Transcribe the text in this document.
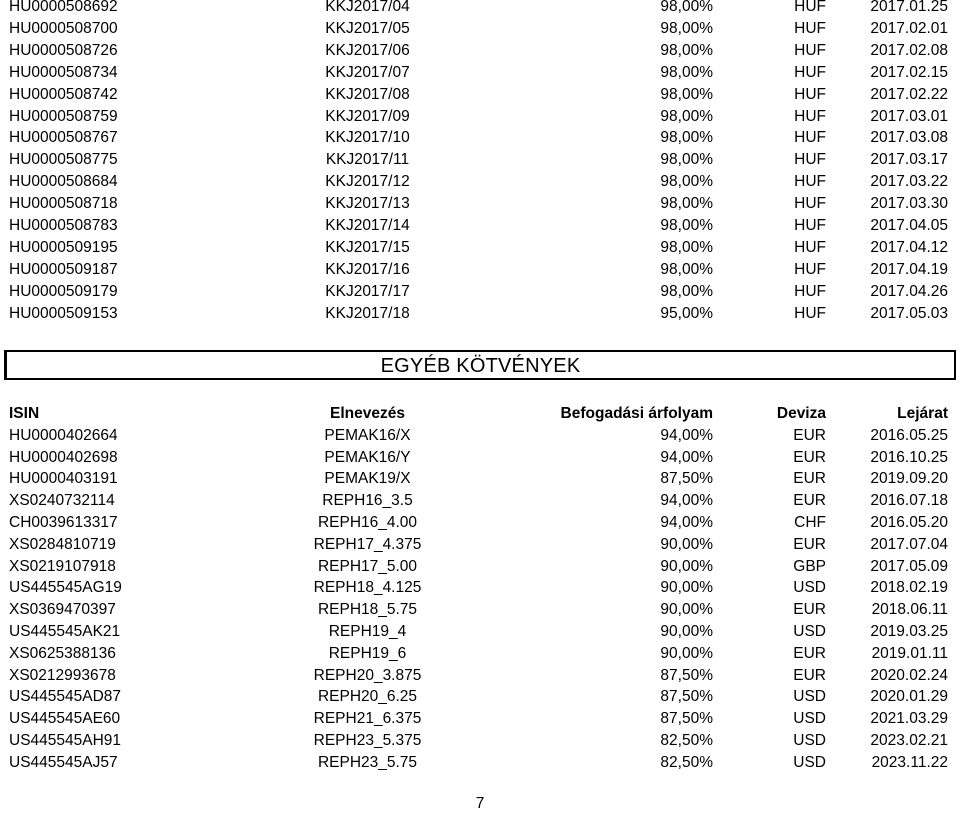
HU0000508692	KKJ2017/04	98,00%	HUF	2017.01.25
HU0000508700	KKJ2017/05	98,00%	HUF	2017.02.01
HU0000508726	KKJ2017/06	98,00%	HUF	2017.02.08
HU0000508734	KKJ2017/07	98,00%	HUF	2017.02.15
HU0000508742	KKJ2017/08	98,00%	HUF	2017.02.22
HU0000508759	KKJ2017/09	98,00%	HUF	2017.03.01
HU0000508767	KKJ2017/10	98,00%	HUF	2017.03.08
HU0000508775	KKJ2017/11	98,00%	HUF	2017.03.17
HU0000508684	KKJ2017/12	98,00%	HUF	2017.03.22
HU0000508718	KKJ2017/13	98,00%	HUF	2017.03.30
HU0000508783	KKJ2017/14	98,00%	HUF	2017.04.05
HU0000509195	KKJ2017/15	98,00%	HUF	2017.04.12
HU0000509187	KKJ2017/16	98,00%	HUF	2017.04.19
HU0000509179	KKJ2017/17	98,00%	HUF	2017.04.26
HU0000509153	KKJ2017/18	95,00%	HUF	2017.05.03
EGYÉB KÖTVÉNYEK
ISIN	Elnevezés	Befogadási árfolyam	Deviza	Lejárat
HU0000402664	PEMAK16/X	94,00%	EUR	2016.05.25
HU0000402698	PEMAK16/Y	94,00%	EUR	2016.10.25
HU0000403191	PEMAK19/X	87,50%	EUR	2019.09.20
XS0240732114	REPH16_3.5	94,00%	EUR	2016.07.18
CH0039613317	REPH16_4.00	94,00%	CHF	2016.05.20
XS0284810719	REPH17_4.375	90,00%	EUR	2017.07.04
XS0219107918	REPH17_5.00	90,00%	GBP	2017.05.09
US445545AG19	REPH18_4.125	90,00%	USD	2018.02.19
XS0369470397	REPH18_5.75	90,00%	EUR	2018.06.11
US445545AK21	REPH19_4	90,00%	USD	2019.03.25
XS0625388136	REPH19_6	90,00%	EUR	2019.01.11
XS0212993678	REPH20_3.875	87,50%	EUR	2020.02.24
US445545AD87	REPH20_6.25	87,50%	USD	2020.01.29
US445545AE60	REPH21_6.375	87,50%	USD	2021.03.29
US445545AH91	REPH23_5.375	82,50%	USD	2023.02.21
US445545AJ57	REPH23_5.75	82,50%	USD	2023.11.22
7
